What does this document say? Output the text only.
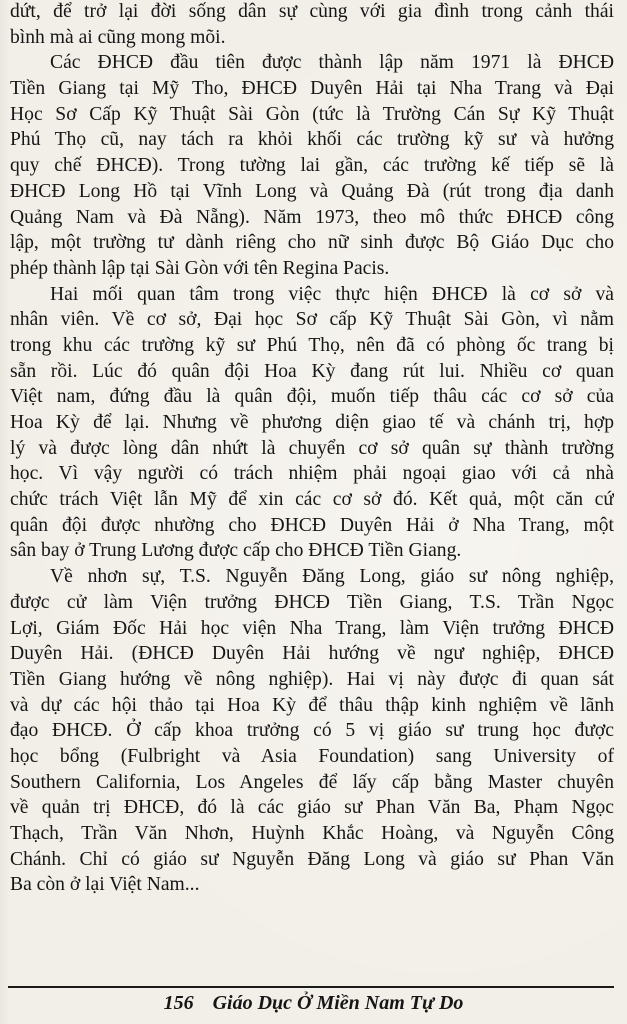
dứt, để trở lại đời sống dân sự cùng với gia đình trong cảnh thái
bình mà ai cũng mong mõi.
Các ĐHCĐ đầu tiên được thành lập năm 1971 là ĐHCĐ
Tiền Giang tại Mỹ Tho, ĐHCĐ Duyên Hải tại Nha Trang và Đại
Học Sơ Cấp Kỹ Thuật Sài Gòn (tức là Trường Cán Sự Kỹ Thuật
Phú Thọ cũ, nay tách ra khỏi khối các trường kỹ sư và hưởng
quy chế ĐHCĐ). Trong tường lai gần, các trường kế tiếp sẽ là
ĐHCĐ Long Hồ tại Vĩnh Long và Quảng Đà (rút trong địa danh
Quảng Nam và Đà Nẵng). Năm 1973, theo mô thức ĐHCĐ công
lập, một trường tư dành riêng cho nữ sinh được Bộ Giáo Dục cho
phép thành lập tại Sài Gòn với tên Regina Pacis.
Hai mối quan tâm trong việc thực hiện ĐHCĐ là cơ sở và
nhân viên. Về cơ sở, Đại học Sơ cấp Kỹ Thuật Sài Gòn, vì nằm
trong khu các trường kỹ sư Phú Thọ, nên đã có phòng ốc trang bị
sẵn rồi. Lúc đó quân đội Hoa Kỳ đang rút lui. Nhiều cơ quan
Việt nam, đứng đầu là quân đội, muốn tiếp thâu các cơ sở của
Hoa Kỳ để lại. Nhưng về phương diện giao tế và chánh trị, hợp
lý và được lòng dân nhứt là chuyển cơ sở quân sự thành trường
học. Vì vậy người có trách nhiệm phải ngoại giao với cả nhà
chức trách Việt lẫn Mỹ để xin các cơ sở đó. Kết quả, một căn cứ
quân đội được nhường cho ĐHCĐ Duyên Hải ở Nha Trang, một
sân bay ở Trung Lương được cấp cho ĐHCĐ Tiền Giang.
Về nhơn sự, T.S. Nguyễn Đăng Long, giáo sư nông nghiệp,
được cử làm Viện trưởng ĐHCĐ Tiền Giang, T.S. Trần Ngọc
Lợi, Giám Đốc Hải học viện Nha Trang, làm Viện trưởng ĐHCĐ
Duyên Hải. (ĐHCĐ Duyên Hải hướng về ngư nghiệp, ĐHCĐ
Tiền Giang hướng về nông nghiệp). Hai vị này được đi quan sát
và dự các hội thảo tại Hoa Kỳ để thâu thập kinh nghiệm về lãnh
đạo ĐHCĐ. Ở cấp khoa trưởng có 5 vị giáo sư trung học được
học bổng (Fulbright và Asia Foundation) sang University of
Southern California, Los Angeles để lấy cấp bằng Master chuyên
về quản trị ĐHCĐ, đó là các giáo sư Phan Văn Ba, Phạm Ngọc
Thạch, Trần Văn Nhơn, Huỳnh Khắc Hoàng, và Nguyễn Công
Chánh. Chỉ có giáo sư Nguyễn Đăng Long và giáo sư Phan Văn
Ba còn ở lại Việt Nam...
156 Giáo Dục Ở Miền Nam Tự Do
